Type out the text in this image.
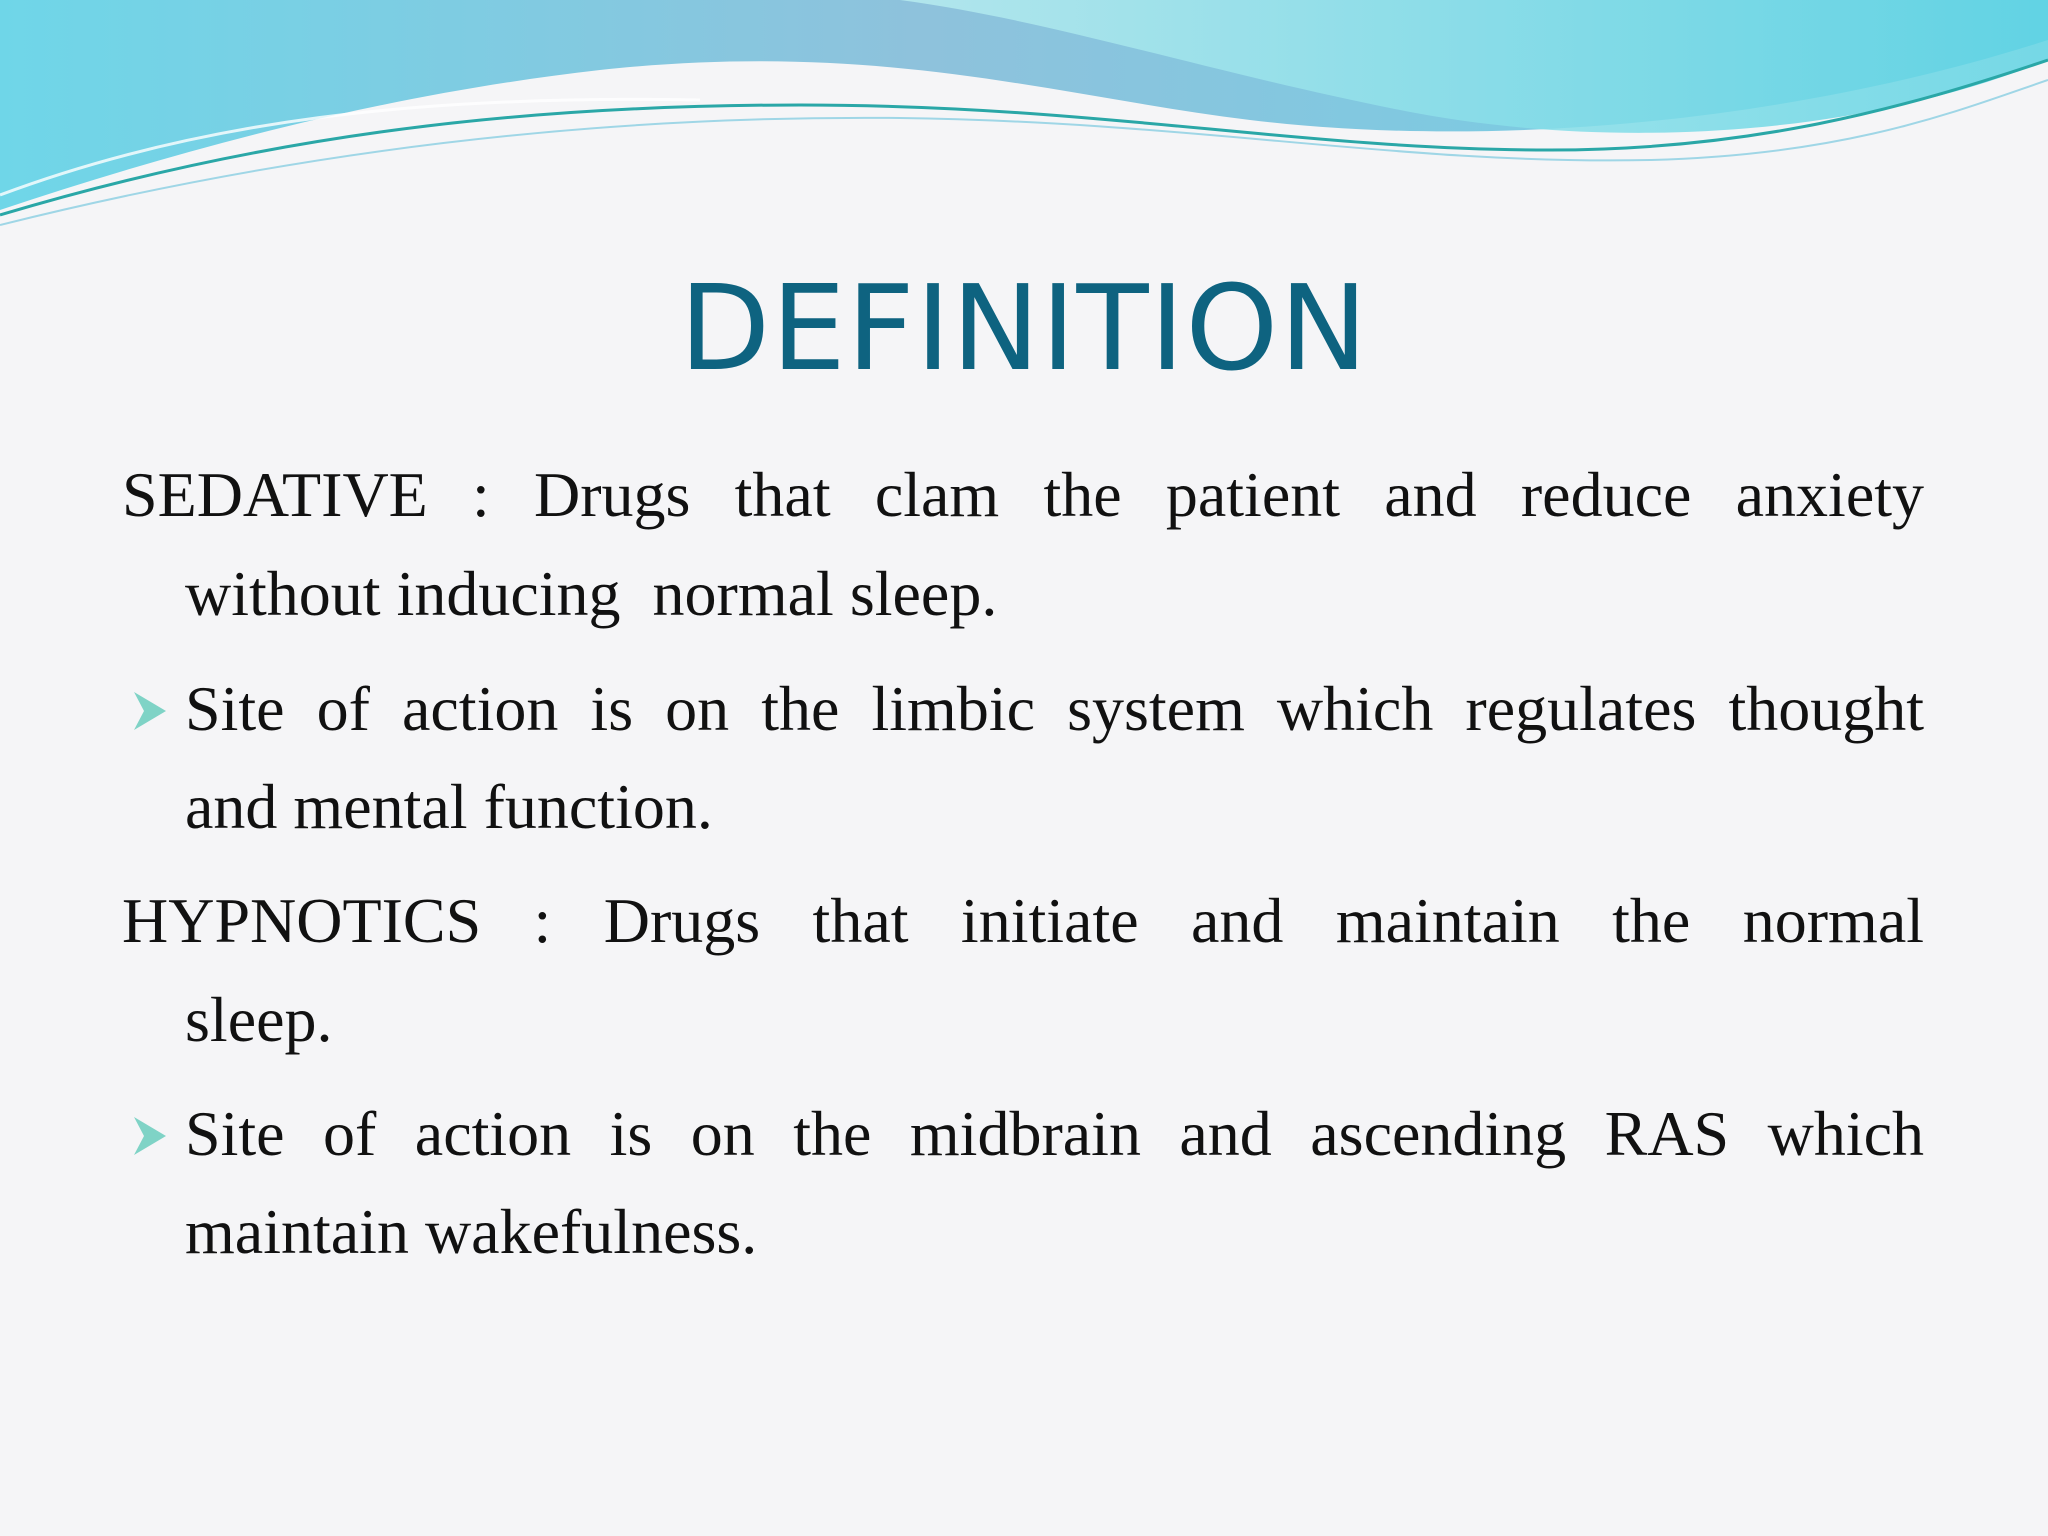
DEFINITION
SEDATIVE : Drugs that clam the patient and reduce anxiety
without inducing  normal sleep.
Site of action is on the limbic system which regulates thought
and mental function.
HYPNOTICS : Drugs that initiate and maintain the normal
sleep.
Site of action is on the midbrain and ascending RAS which
maintain wakefulness.
